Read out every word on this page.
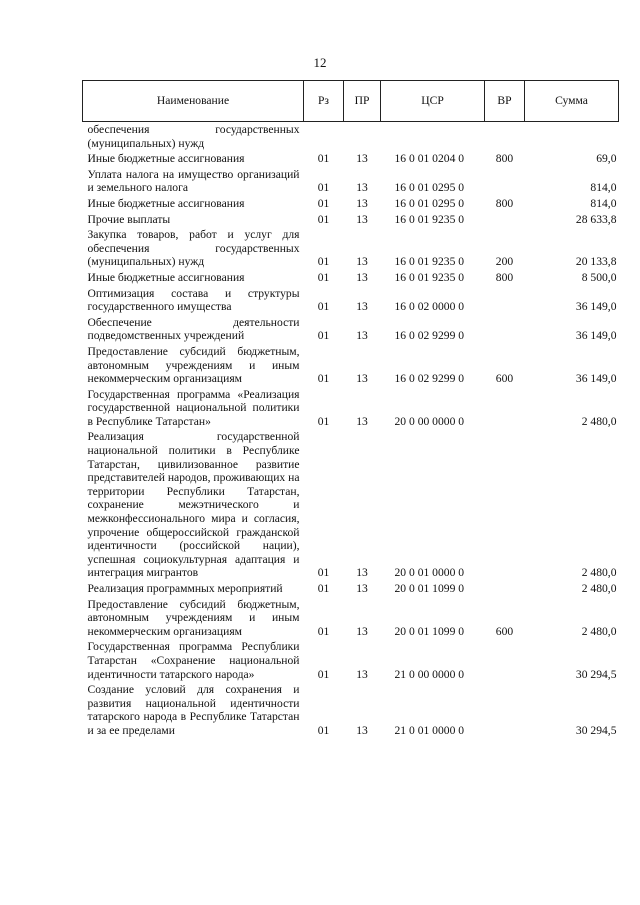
12
Наименование	Рз	ПР	ЦСР	ВР	Сумма
обеспечения государственных (муниципальных) нужд					
Иные бюджетные ассигнования	01	13	16 0 01 0204 0	800	69,0
Уплата налога на имущество организаций и земельного налога	01	13	16 0 01 0295 0		814,0
Иные бюджетные ассигнования	01	13	16 0 01 0295 0	800	814,0
Прочие выплаты	01	13	16 0 01 9235 0		28 633,8
Закупка товаров, работ и услуг для обеспечения государственных (муниципальных) нужд	01	13	16 0 01 9235 0	200	20 133,8
Иные бюджетные ассигнования	01	13	16 0 01 9235 0	800	8 500,0
Оптимизация состава и структуры государственного имущества	01	13	16 0 02 0000 0		36 149,0
Обеспечение деятельности подведомственных учреждений	01	13	16 0 02 9299 0		36 149,0
Предоставление субсидий бюджетным, автономным учреждениям и иным некоммерческим организациям	01	13	16 0 02 9299 0	600	36 149,0
Государственная программа «Реализация государственной национальной политики в Республике Татарстан»	01	13	20 0 00 0000 0		2 480,0
Реализация государственной национальной политики в Республике Татарстан, цивилизованное развитие представителей народов, проживающих на территории Республики Татарстан, сохранение межэтнического и межконфессионального мира и согласия, упрочение общероссийской гражданской идентичности (российской нации), успешная социокультурная адаптация и интеграция мигрантов	01	13	20 0 01 0000 0		2 480,0
Реализация программных мероприятий	01	13	20 0 01 1099 0		2 480,0
Предоставление субсидий бюджетным, автономным учреждениям и иным некоммерческим организациям	01	13	20 0 01 1099 0	600	2 480,0
Государственная программа Республики Татарстан «Сохранение национальной идентичности татарского народа»	01	13	21 0 00 0000 0		30 294,5
Создание условий для сохранения и развития национальной идентичности татарского народа в Республике Татарстан и за ее пределами	01	13	21 0 01 0000 0		30 294,5
